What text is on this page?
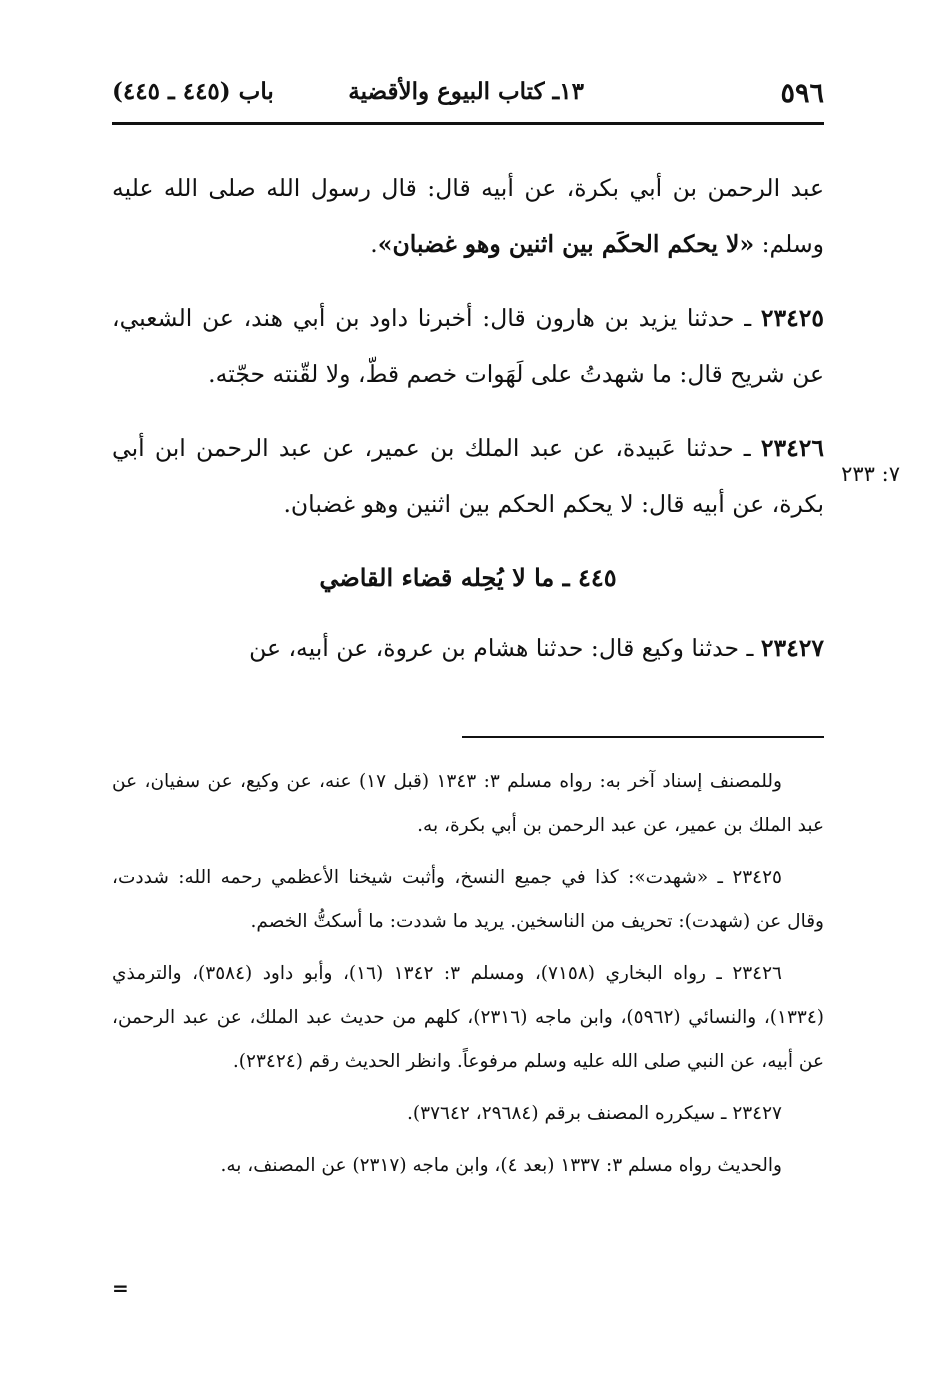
٥٩٦
١٣ـ كتاب البيوع والأقضية
باب (٤٤٥ ـ ٤٤٥)
٧: ٢٣٣

عبد الرحمن بن أبي بكرة، عن أبيه قال: قال رسول الله صلى الله عليه وسلم: «لا يحكم الحكَم بين اثنين وهو غضبان».

٢٣٤٢٥ ـ حدثنا يزيد بن هارون قال: أخبرنا داود بن أبي هند، عن الشعبي، عن شريح قال: ما شهدتُ على لَهَوات خصم قطّ، ولا لقّنته حجّته.

٢٣٤٢٦ ـ حدثنا عَبيدة، عن عبد الملك بن عمير، عن عبد الرحمن ابن أبي بكرة، عن أبيه قال: لا يحكم الحكم بين اثنين وهو غضبان.

٤٤٥ ـ ما لا يُحِله قضاء القاضي

٢٣٤٢٧ ـ حدثنا وكيع قال: حدثنا هشام بن عروة، عن أبيه، عن

وللمصنف إسناد آخر به: رواه مسلم ٣: ١٣٤٣ (قبل ١٧) عنه، عن وكيع، عن سفيان، عن عبد الملك بن عمير، عن عبد الرحمن بن أبي بكرة، به.

٢٣٤٢٥ ـ «شهدت»: كذا في جميع النسخ، وأثبت شيخنا الأعظمي رحمه الله: شددت، وقال عن (شهدت): تحريف من الناسخين. يريد ما شددت: ما أسكتُّ الخصم.

٢٣٤٢٦ ـ رواه البخاري (٧١٥٨)، ومسلم ٣: ١٣٤٢ (١٦)، وأبو داود (٣٥٨٤)، والترمذي (١٣٣٤)، والنسائي (٥٩٦٢)، وابن ماجه (٢٣١٦)، كلهم من حديث عبد الملك، عن عبد الرحمن، عن أبيه، عن النبي صلى الله عليه وسلم مرفوعاً. وانظر الحديث رقم (٢٣٤٢٤).

٢٣٤٢٧ ـ سيكرره المصنف برقم (٢٩٦٨٤، ٣٧٦٤٢).

والحديث رواه مسلم ٣: ١٣٣٧ (بعد ٤)، وابن ماجه (٢٣١٧) عن المصنف، به.

=
